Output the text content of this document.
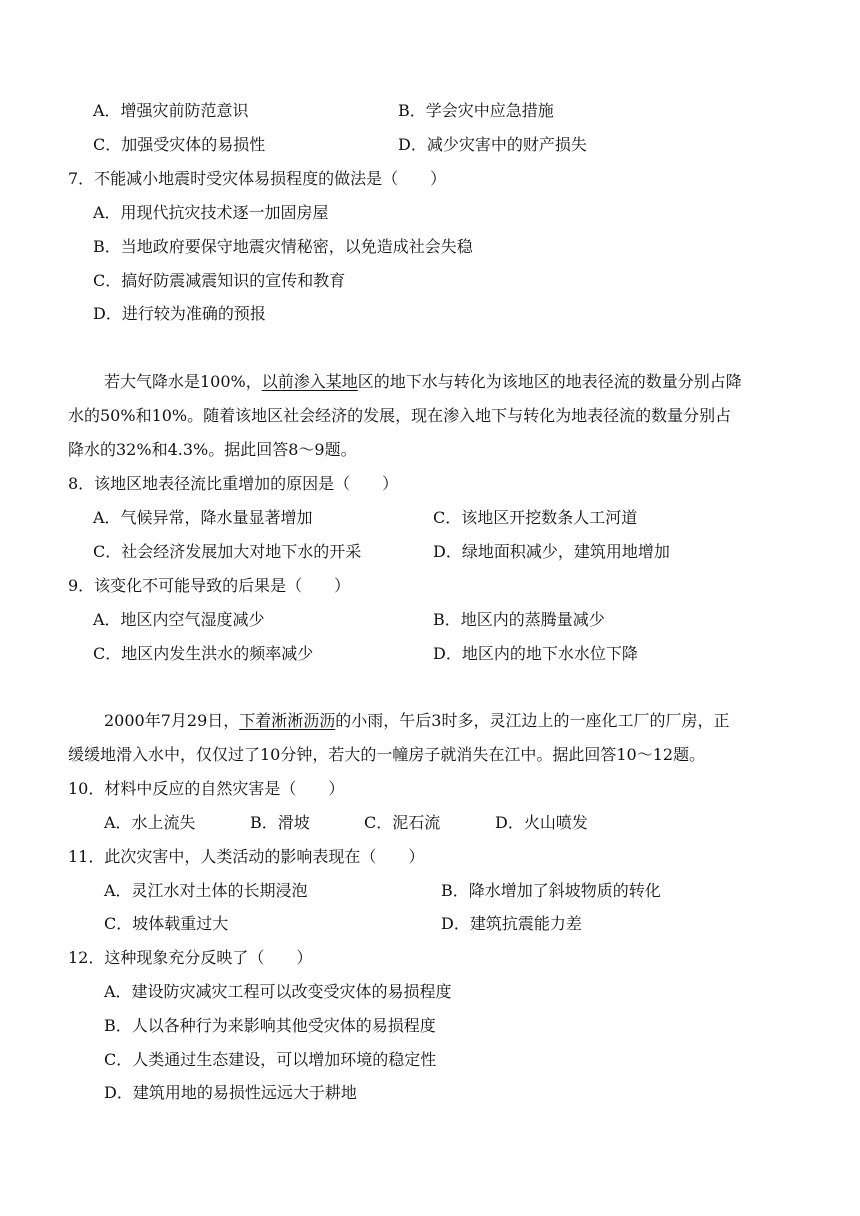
A．增强灾前防范意识	B．学会灾中应急措施
C．加强受灾体的易损性	D．减少灾害中的财产损失
7．不能减小地震时受灾体易损程度的做法是（　　）
A．用现代抗灾技术逐一加固房屋
B．当地政府要保守地震灾情秘密，以免造成社会失稳
C．搞好防震减震知识的宣传和教育
D．进行较为准确的预报
若大气降水是100%，以前渗入某地区的地下水与转化为该地区的地表径流的数量分别占降
水的50%和10%。随着该地区社会经济的发展，现在渗入地下与转化为地表径流的数量分别占
降水的32%和4.3%。据此回答8～9题。
8．该地区地表径流比重增加的原因是（　　）
A．气候异常，降水量显著增加	C．该地区开挖数条人工河道
C．社会经济发展加大对地下水的开采	D．绿地面积减少，建筑用地增加
9．该变化不可能导致的后果是（　　）
A．地区内空气湿度减少	B．地区内的蒸腾量减少
C．地区内发生洪水的频率减少	D．地区内的地下水水位下降
2000年7月29日，下着淅淅沥沥的小雨，午后3时多，灵江边上的一座化工厂的厂房，正
缓缓地滑入水中，仅仅过了10分钟，若大的一幢房子就消失在江中。据此回答10～12题。
10．材料中反应的自然灾害是（　　）
A．水上流失	B．滑坡	C．泥石流	D．火山喷发
11．此次灾害中，人类活动的影响表现在（　　）
A．灵江水对土体的长期浸泡	B．降水增加了斜坡物质的转化
C．坡体载重过大	D．建筑抗震能力差
12．这种现象充分反映了（　　）
A．建设防灾减灾工程可以改变受灾体的易损程度
B．人以各种行为来影响其他受灾体的易损程度
C．人类通过生态建设，可以增加环境的稳定性
D．建筑用地的易损性远远大于耕地
